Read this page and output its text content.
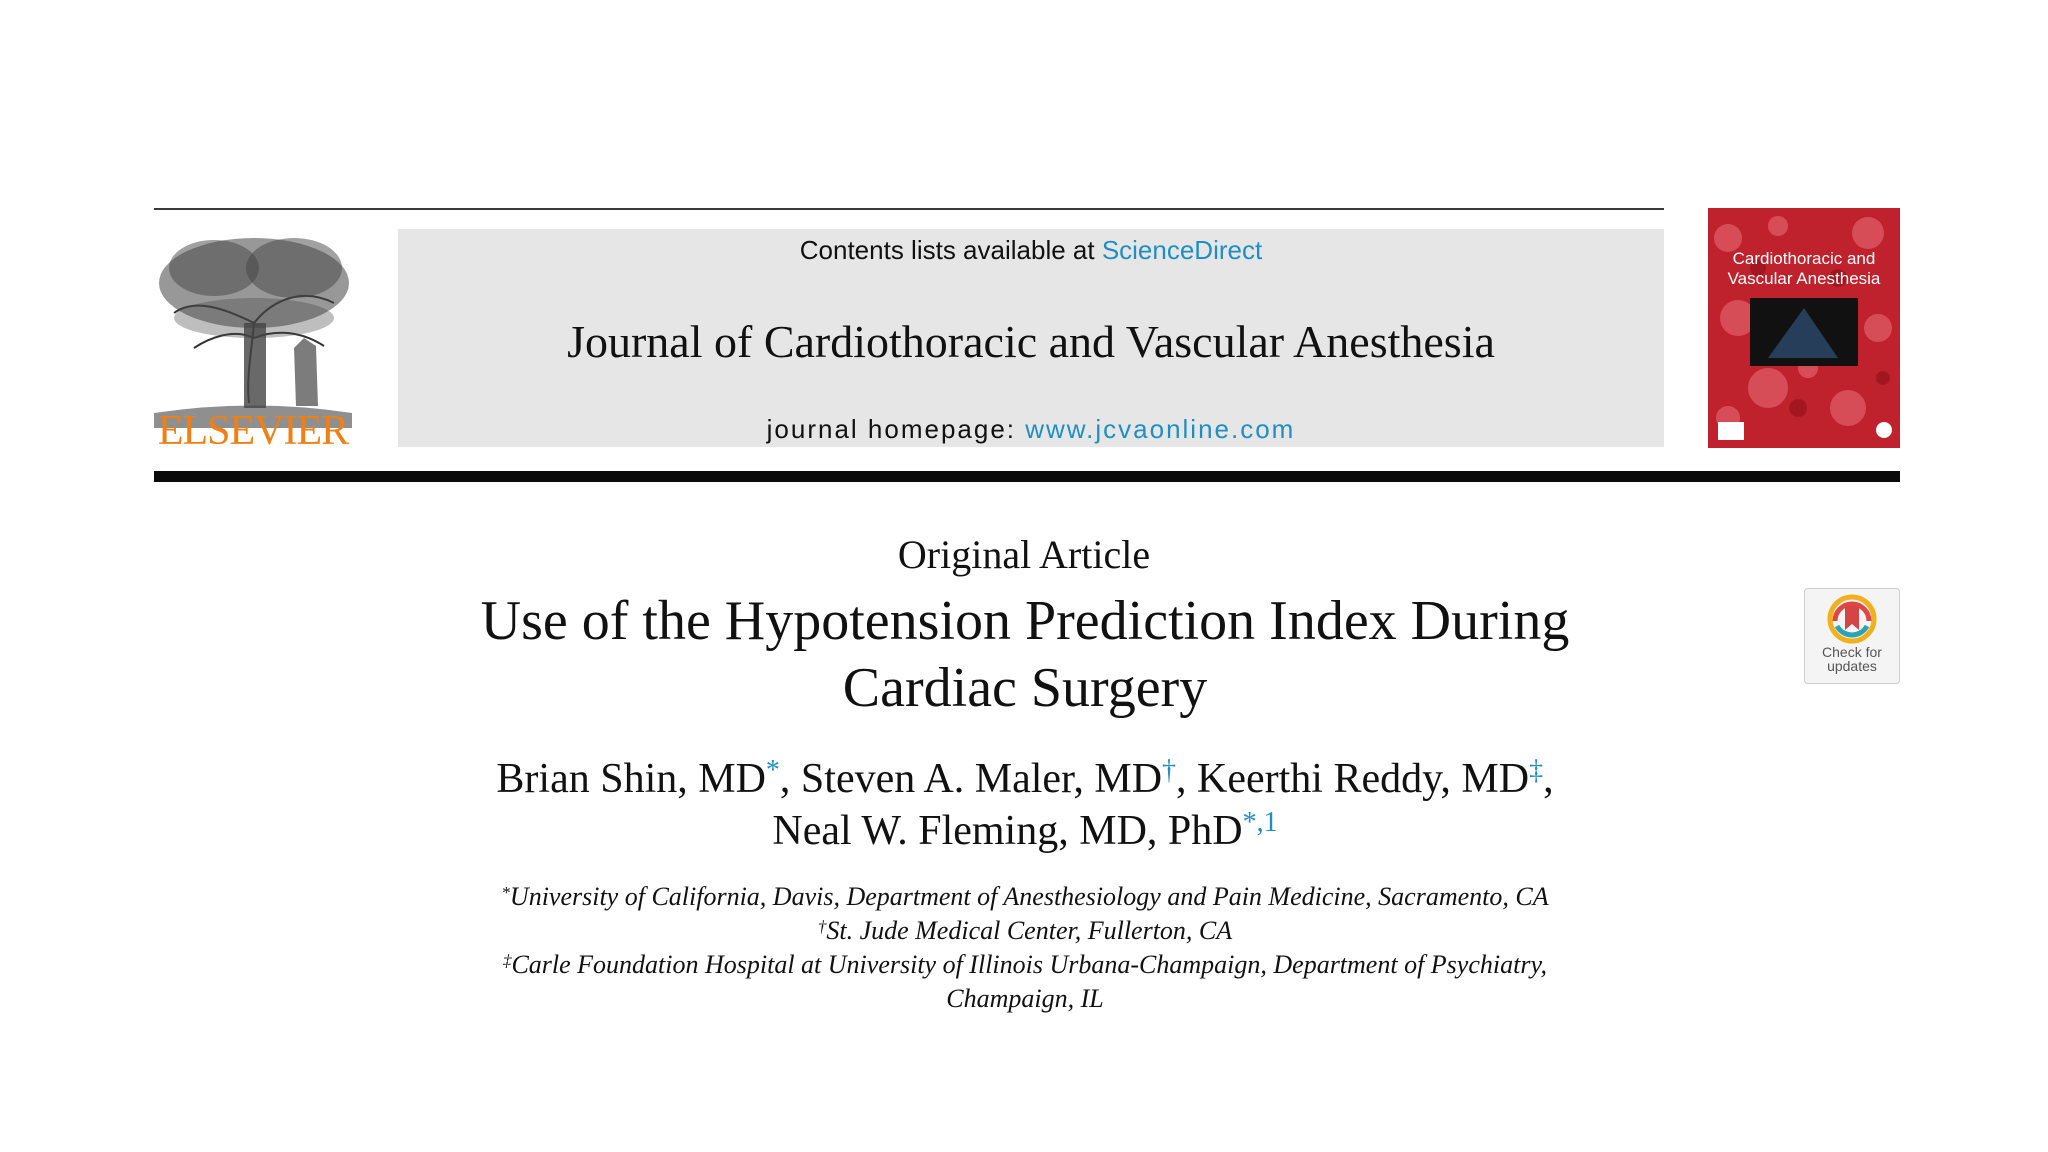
ELSEVIER
Contents lists available at ScienceDirect
Journal of Cardiothoracic and Vascular Anesthesia
journal homepage: www.jcvaonline.com
Cardiothoracic and
Vascular Anesthesia
Original Article
Use of the Hypotension Prediction Index During
Cardiac Surgery
Brian Shin, MD*, Steven A. Maler, MD†, Keerthi Reddy, MD‡,
Neal W. Fleming, MD, PhD$^{*,1}$
*University of California, Davis, Department of Anesthesiology and Pain Medicine, Sacramento, CA
†St. Jude Medical Center, Fullerton, CA
‡Carle Foundation Hospital at University of Illinois Urbana-Champaign, Department of Psychiatry,
Champaign, IL
Check for
updates
